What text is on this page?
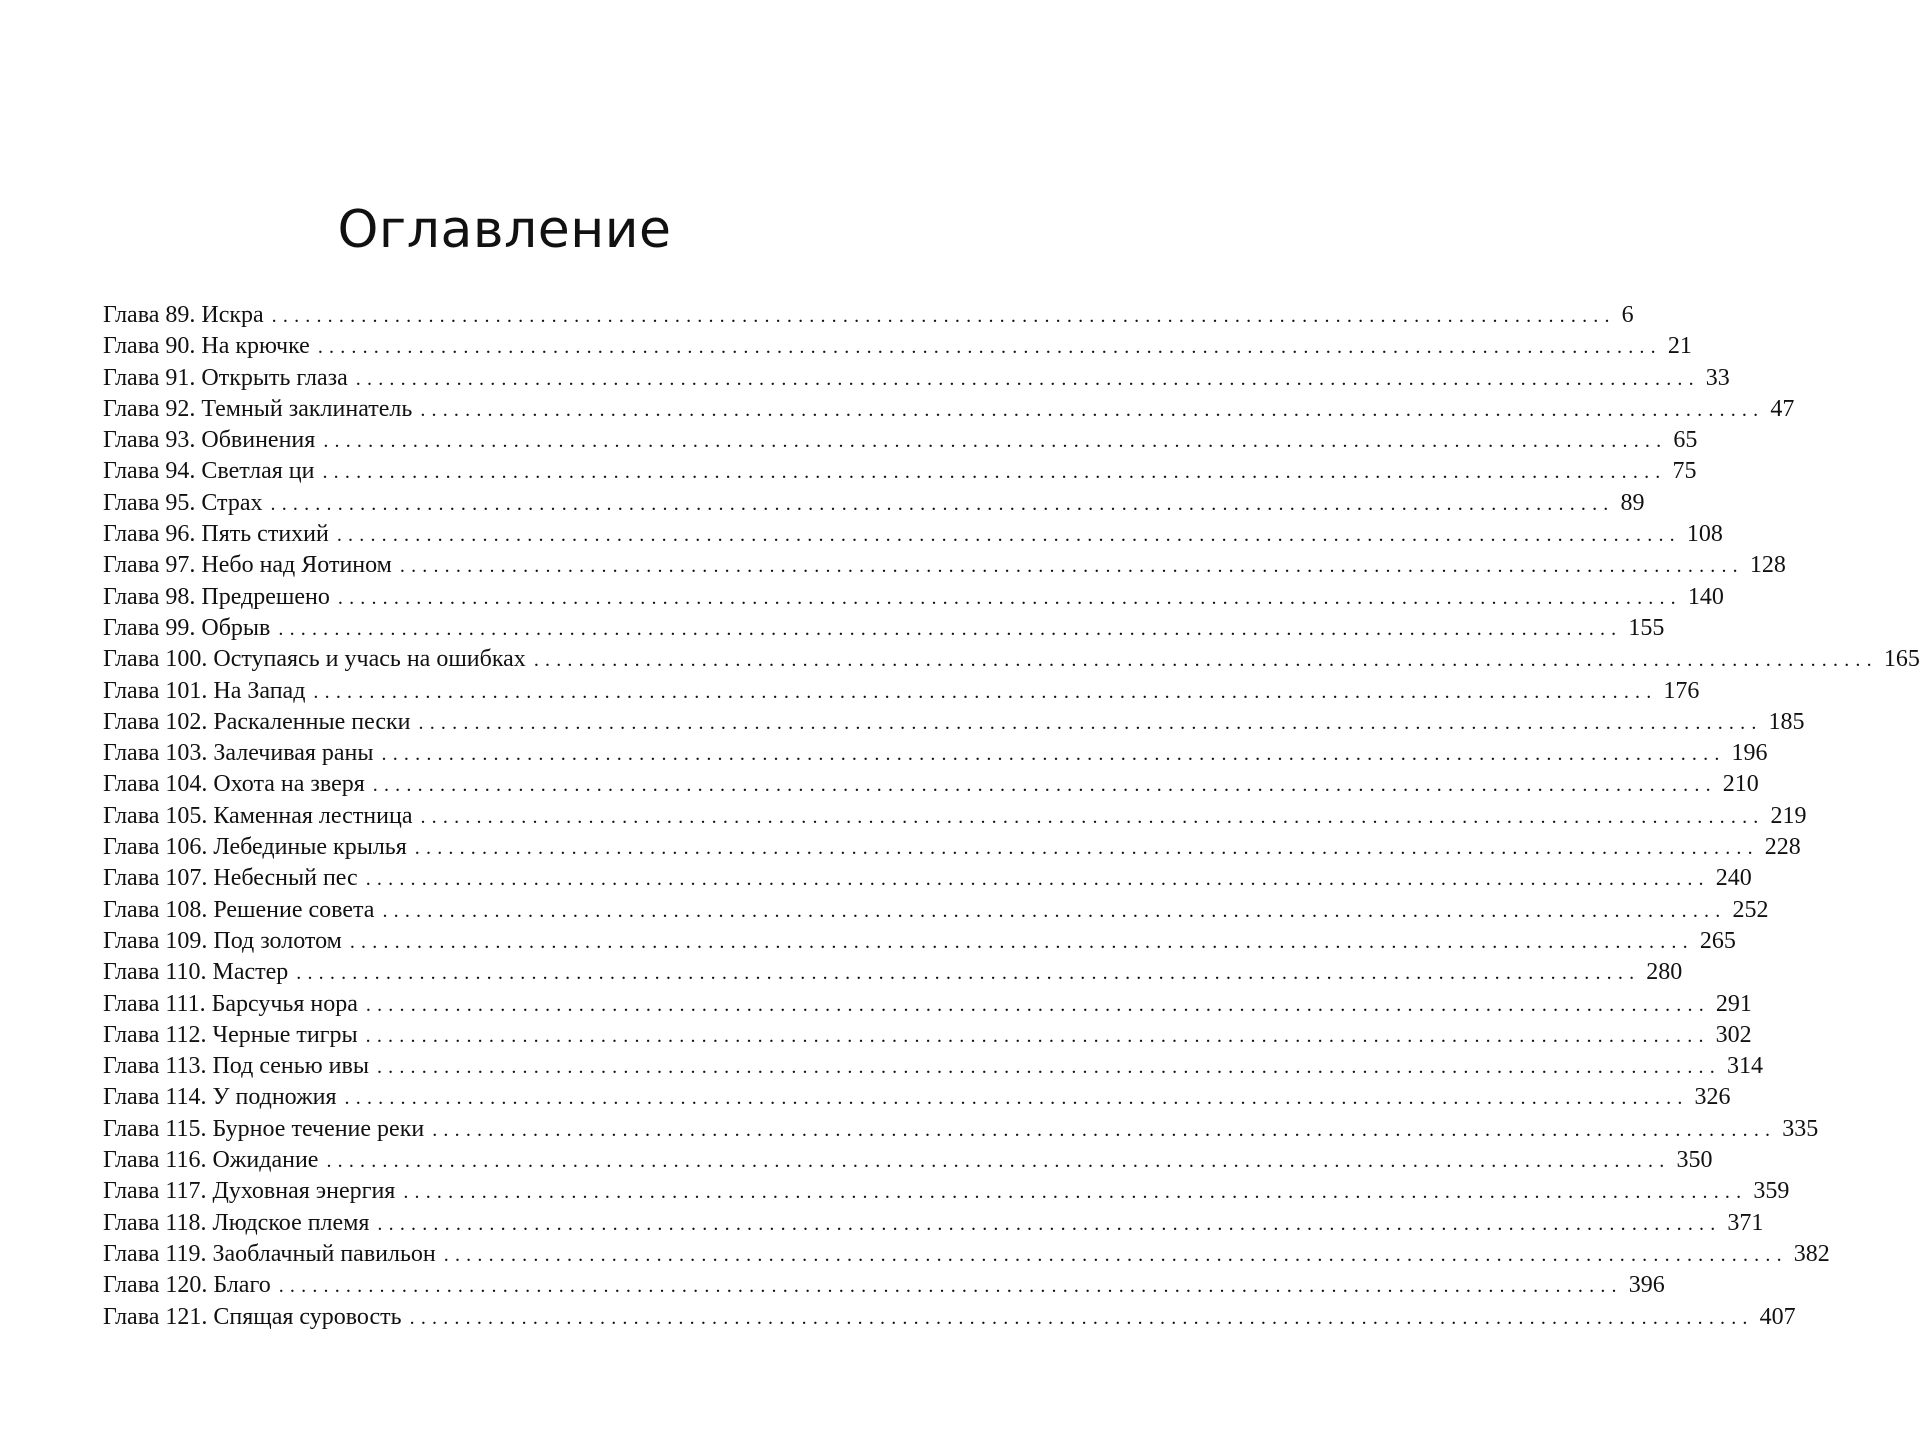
Оглавление
Глава 89. Искра ........................................................................................................................ 6
Глава 90. На крючке ........................................................................................................................ 21
Глава 91. Открыть глаза ........................................................................................................................ 33
Глава 92. Темный заклинатель ........................................................................................................................ 47
Глава 93. Обвинения ........................................................................................................................ 65
Глава 94. Светлая ци ........................................................................................................................ 75
Глава 95. Страх ........................................................................................................................ 89
Глава 96. Пять стихий ........................................................................................................................ 108
Глава 97. Небо над Яотином ........................................................................................................................ 128
Глава 98. Предрешено ........................................................................................................................ 140
Глава 99. Обрыв ........................................................................................................................ 155
Глава 100. Оступаясь и учась на ошибках ........................................................................................................................ 165
Глава 101. На Запад ........................................................................................................................ 176
Глава 102. Раскаленные пески ........................................................................................................................ 185
Глава 103. Залечивая раны ........................................................................................................................ 196
Глава 104. Охота на зверя ........................................................................................................................ 210
Глава 105. Каменная лестница ........................................................................................................................ 219
Глава 106. Лебединые крылья ........................................................................................................................ 228
Глава 107. Небесный пес ........................................................................................................................ 240
Глава 108. Решение совета ........................................................................................................................ 252
Глава 109. Под золотом ........................................................................................................................ 265
Глава 110. Мастер ........................................................................................................................ 280
Глава 111. Барсучья нора ........................................................................................................................ 291
Глава 112. Черные тигры ........................................................................................................................ 302
Глава 113. Под сенью ивы ........................................................................................................................ 314
Глава 114. У подножия ........................................................................................................................ 326
Глава 115. Бурное течение реки ........................................................................................................................ 335
Глава 116. Ожидание ........................................................................................................................ 350
Глава 117. Духовная энергия ........................................................................................................................ 359
Глава 118. Людское племя ........................................................................................................................ 371
Глава 119. Заоблачный павильон ........................................................................................................................ 382
Глава 120. Благо ........................................................................................................................ 396
Глава 121. Спящая суровость ........................................................................................................................ 407
